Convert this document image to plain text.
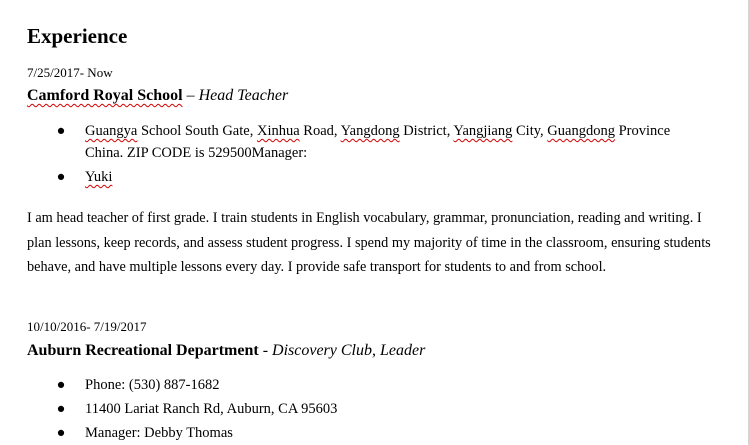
Experience
7/25/2017- Now
Camford Royal School – Head Teacher
● Guangya School South Gate, Xinhua Road, Yangdong District, Yangjiang City, Guangdong Province China. ZIP CODE is 529500Manager:
● Yuki

I am head teacher of first grade. I train students in English vocabulary, grammar, pronunciation, reading and writing. I plan lessons, keep records, and assess student progress. I spend my majority of time in the classroom, ensuring students behave, and have multiple lessons every day. I provide safe transport for students to and from school.

10/10/2016- 7/19/2017
Auburn Recreational Department - Discovery Club, Leader
● Phone: (530) 887-1682
● 11400 Lariat Ranch Rd, Auburn, CA 95603
● Manager: Debby Thomas
